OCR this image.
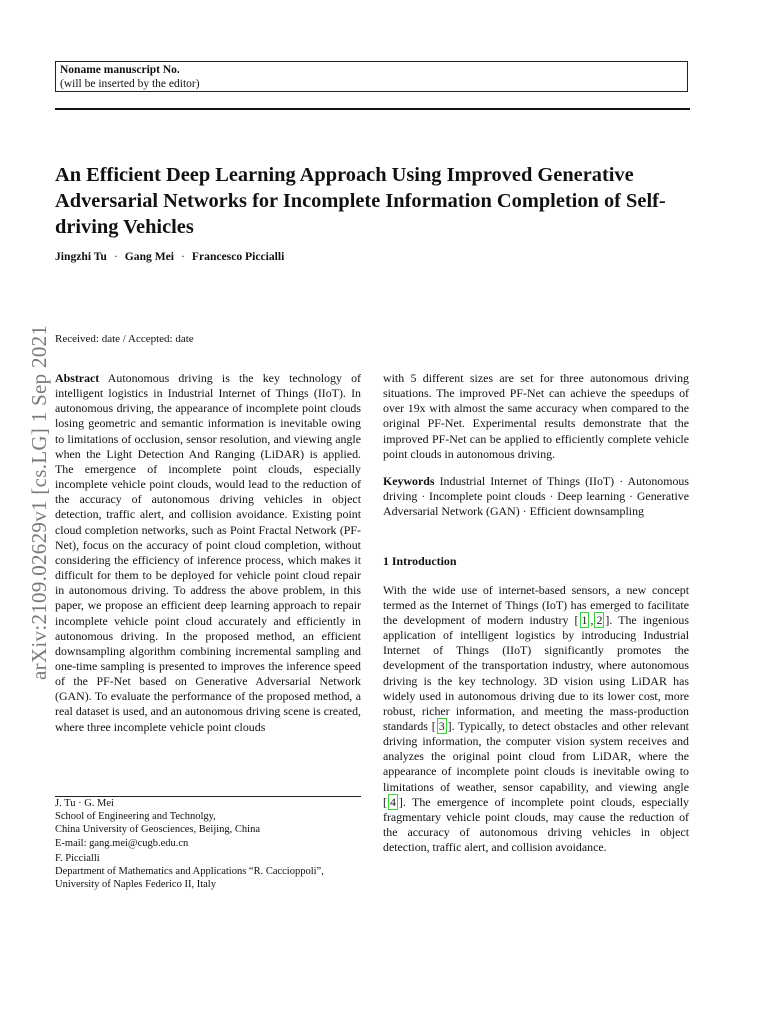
Noname manuscript No.
(will be inserted by the editor)
arXiv:2109.02629v1 [cs.LG] 1 Sep 2021
An Efficient Deep Learning Approach Using Improved Generative Adversarial Networks for Incomplete Information Completion of Self-driving Vehicles
Jingzhi Tu · Gang Mei · Francesco Piccialli
Received: date / Accepted: date

Abstract Autonomous driving is the key technology of intelligent logistics in Industrial Internet of Things (IIoT). In autonomous driving, the appearance of incomplete point clouds losing geometric and semantic information is inevitable owing to limitations of occlusion, sensor resolution, and viewing angle when the Light Detection And Ranging (LiDAR) is applied. The emergence of incomplete point clouds, especially incomplete vehicle point clouds, would lead to the reduction of the accuracy of autonomous driving vehicles in object detection, traffic alert, and collision avoidance. Existing point cloud completion networks, such as Point Fractal Network (PF-Net), focus on the accuracy of point cloud completion, without considering the efficiency of inference process, which makes it difficult for them to be deployed for vehicle point cloud repair in autonomous driving. To address the above problem, in this paper, we propose an efficient deep learning approach to repair incomplete vehicle point cloud accurately and efficiently in autonomous driving. In the proposed method, an efficient downsampling algorithm combining incremental sampling and one-time sampling is presented to improves the inference speed of the PF-Net based on Generative Adversarial Network (GAN). To evaluate the performance of the proposed method, a real dataset is used, and an autonomous driving scene is created, where three incomplete vehicle point clouds

J. Tu · G. Mei
School of Engineering and Technolgy,
China University of Geosciences, Beijing, China
E-mail: gang.mei@cugb.edu.cn
F. Piccialli
Department of Mathematics and Applications “R. Caccioppoli”,
University of Naples Federico II, Italy

with 5 different sizes are set for three autonomous driving situations. The improved PF-Net can achieve the speedups of over 19x with almost the same accuracy when compared to the original PF-Net. Experimental results demonstrate that the improved PF-Net can be applied to efficiently complete vehicle point clouds in autonomous driving.

Keywords Industrial Internet of Things (IIoT) · Autonomous driving · Incomplete point clouds · Deep learning · Generative Adversarial Network (GAN) · Efficient downsampling

1 Introduction

With the wide use of internet-based sensors, a new concept termed as the Internet of Things (IoT) has emerged to facilitate the development of modern industry [ 1 , 2 ]. The ingenious application of intelligent logistics by introducing Industrial Internet of Things (IIoT) significantly promotes the development of the transportation industry, where autonomous driving is the key technology. 3D vision using LiDAR has widely used in autonomous driving due to its lower cost, more robust, richer information, and meeting the mass-production standards [ 3 ]. Typically, to detect obstacles and other relevant driving information, the computer vision system receives and analyzes the original point cloud from LiDAR, where the appearance of incomplete point clouds is inevitable owing to limitations of weather, sensor capability, and viewing angle [ 4 ]. The emergence of incomplete point clouds, especially fragmentary vehicle point clouds, may cause the reduction of the accuracy of autonomous driving vehicles in object detection, traffic alert, and collision avoidance.
